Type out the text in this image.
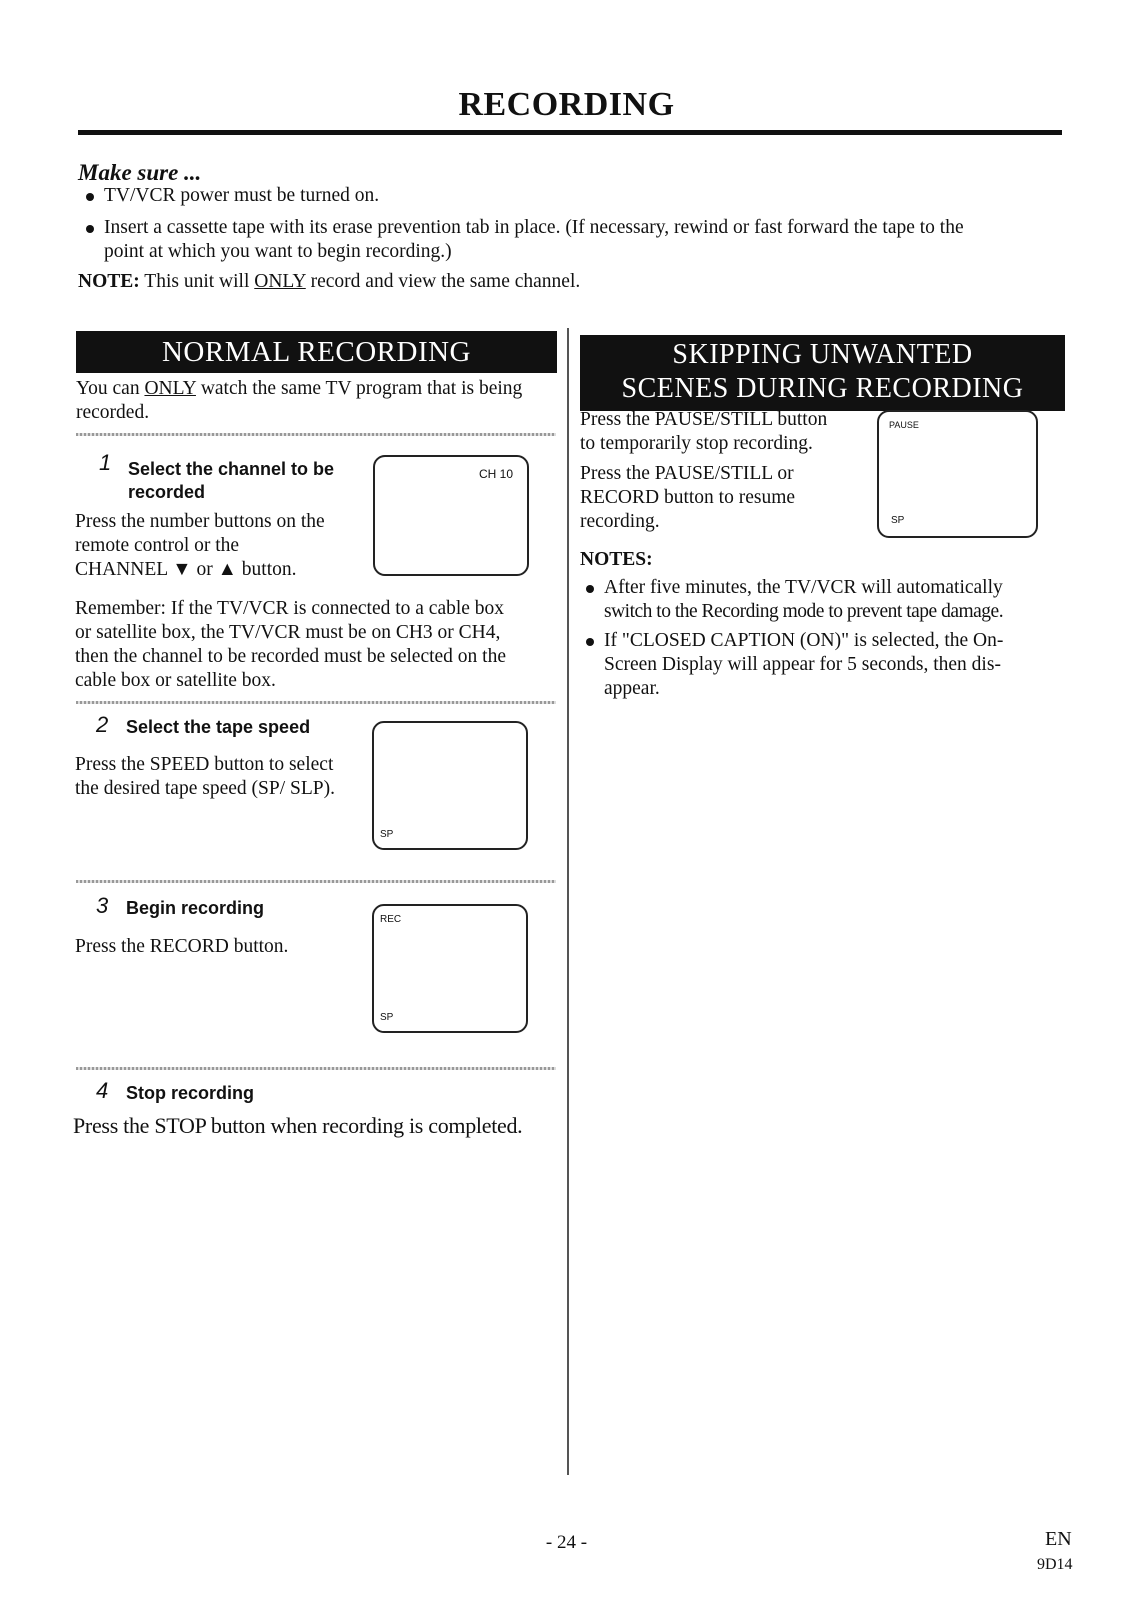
RECORDING
Make sure ...
TV/VCR power must be turned on.
Insert a cassette tape with its erase prevention tab in place. (If necessary, rewind or fast forward the tape to the
point at which you want to begin recording.)
NOTE: This unit will ONLY record and view the same channel.
NORMAL RECORDING
You can ONLY watch the same TV program that is being
recorded.
1 Select the channel to be
recorded
Press the number buttons on the
remote control or the
CHANNEL ▼ or ▲ button.
CH 10
Remember: If the TV/VCR is connected to a cable box
or satellite box, the TV/VCR must be on CH3 or CH4,
then the channel to be recorded must be selected on the
cable box or satellite box.
2 Select the tape speed
Press the SPEED button to select
the desired tape speed (SP/ SLP).
SP
3 Begin recording
Press the RECORD button.
REC
SP
4 Stop recording
Press the STOP button when recording is completed.
SKIPPING UNWANTED
SCENES DURING RECORDING
Press the PAUSE/STILL button
to temporarily stop recording.
Press the PAUSE/STILL or
RECORD button to resume
recording.
PAUSE
SP
NOTES:
After five minutes, the TV/VCR will automatically
switch to the Recording mode to prevent tape damage.
If "CLOSED CAPTION (ON)" is selected, the On-
Screen Display will appear for 5 seconds, then dis-
appear.
- 24 -	EN
9D14
